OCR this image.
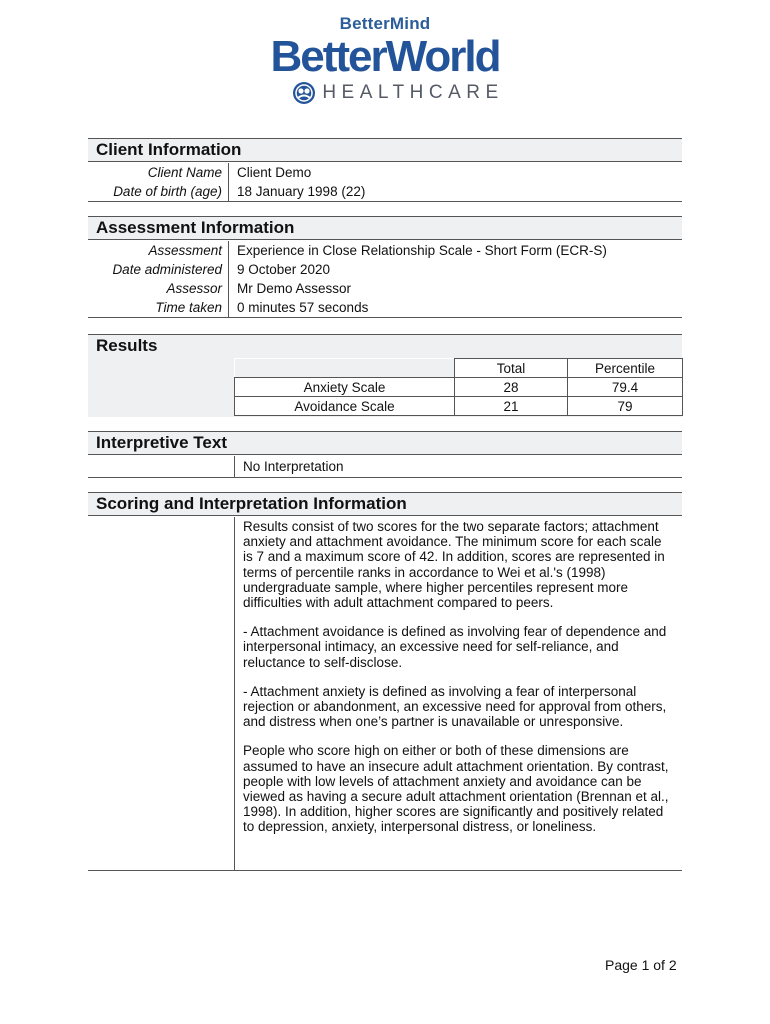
BetterMind
BetterWorld
HEALTHCARE
Client Information
Client Name	Client Demo
Date of birth (age)	18 January 1998 (22)
Assessment Information
Assessment	Experience in Close Relationship Scale - Short Form (ECR-S)
Date administered	9 October 2020
Assessor	Mr Demo Assessor
Time taken	0 minutes 57 seconds
Results
	Total	Percentile
Anxiety Scale	28	79.4
Avoidance Scale	21	79
Interpretive Text
No Interpretation
Scoring and Interpretation Information

Results consist of two scores for the two separate factors; attachment anxiety and attachment avoidance. The minimum score for each scale is 7 and a maximum score of 42. In addition, scores are represented in terms of percentile ranks in accordance to Wei et al.'s (1998) undergraduate sample, where higher percentiles represent more difficulties with adult attachment compared to peers.

- Attachment avoidance is defined as involving fear of dependence and interpersonal intimacy, an excessive need for self-reliance, and reluctance to self-disclose.

- Attachment anxiety is defined as involving a fear of interpersonal rejection or abandonment, an excessive need for approval from others, and distress when one’s partner is unavailable or unresponsive.

People who score high on either or both of these dimensions are assumed to have an insecure adult attachment orientation. By contrast, people with low levels of attachment anxiety and avoidance can be viewed as having a secure adult attachment orientation (Brennan et al., 1998). In addition, higher scores are significantly and positively related to depression, anxiety, interpersonal distress, or loneliness.

Page 1 of 2
